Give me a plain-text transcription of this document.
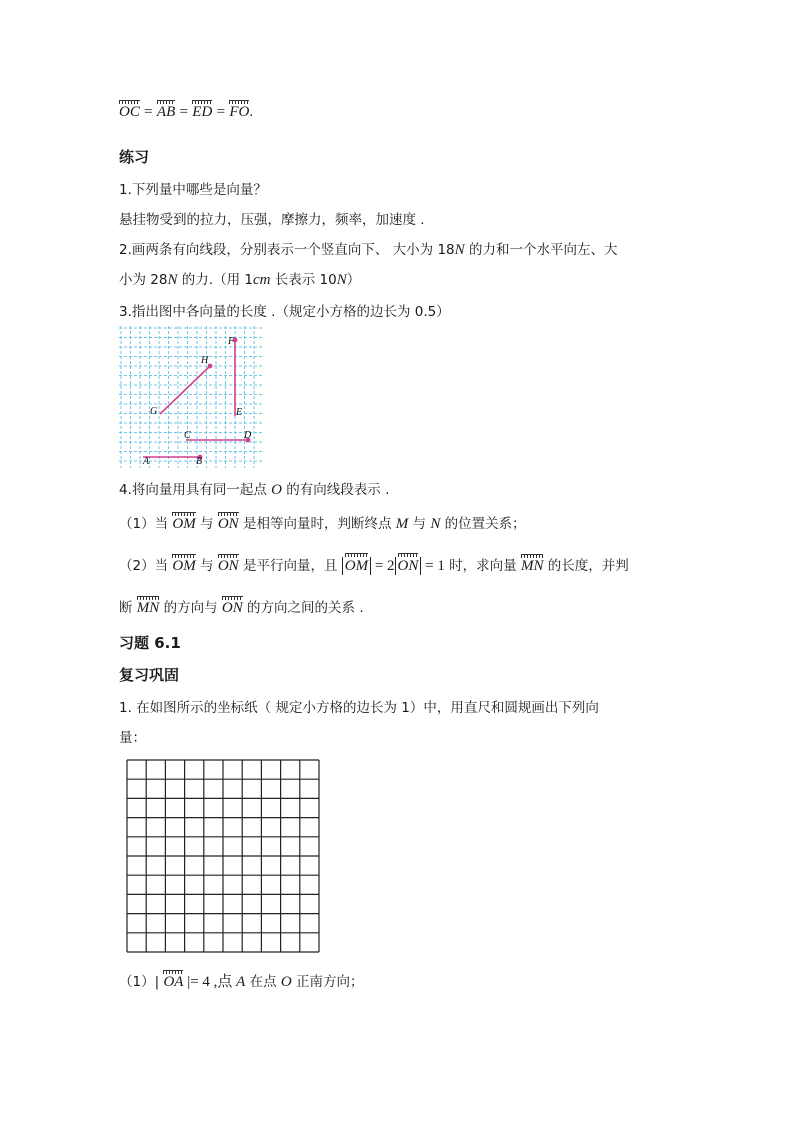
OC = AB = ED = FO.
练习
1.下列量中哪些是向量？
悬挂物受到的拉力，压强，摩擦力，频率，加速度 .
2.画两条有向线段，分别表示一个竖直向下、 大小为 18N 的力和一个水平向左、大
小为 28N 的力.（用 1cm 长表示 10N）
3.指出图中各向量的长度 .（规定小方格的边长为 0.5）
A	B
C	D
E
F
G
H
4.将向量用具有同一起点 O 的有向线段表示 .
（1）当 OM 与 ON 是相等向量时，判断终点 M 与 N 的位置关系；
（2）当 OM 与 ON 是平行向量，且 OM = 2 ON = 1 时，求向量 MN 的长度，并判
断 MN 的方向与 ON 的方向之间的关系 .
习题 6.1
复习巩固
1. 在如图所示的坐标纸（ 规定小方格的边长为 1）中，用直尺和圆规画出下列向
量：
（1）| OA |= 4 ,点 A 在点 O 正南方向；
